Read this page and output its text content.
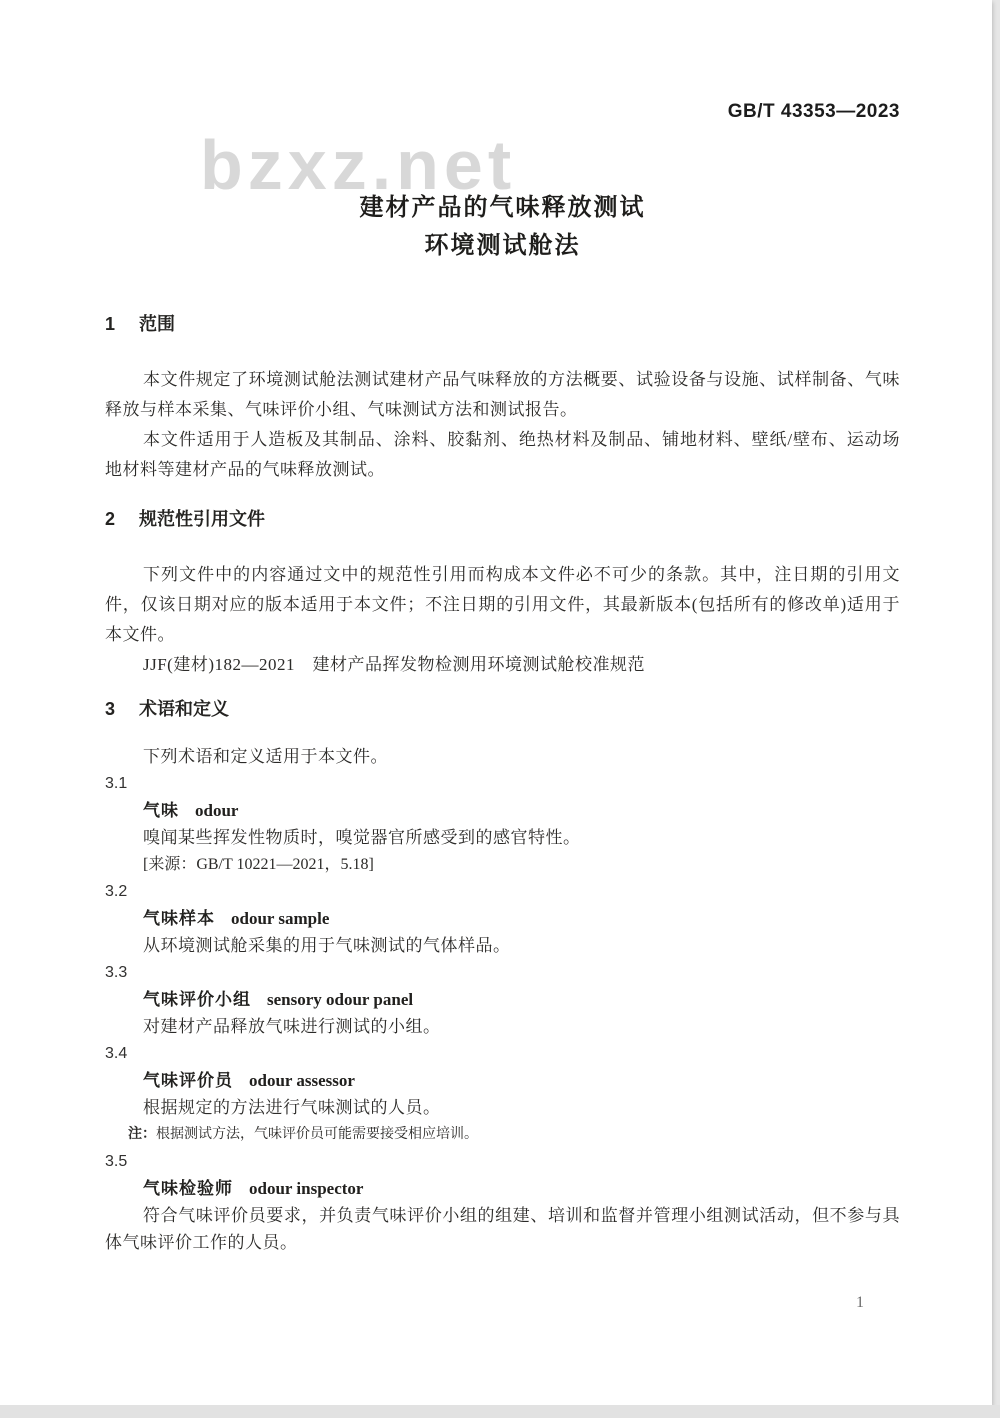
bzxz.net
GB/T 43353—2023
建材产品的气味释放测试
环境测试舱法
1 范围

本文件规定了环境测试舱法测试建材产品气味释放的方法概要、试验设备与设施、试样制备、气味释放与样本采集、气味评价小组、气味测试方法和测试报告。

本文件适用于人造板及其制品、涂料、胶黏剂、绝热材料及制品、铺地材料、壁纸/壁布、运动场地材料等建材产品的气味释放测试。

2 规范性引用文件

下列文件中的内容通过文中的规范性引用而构成本文件必不可少的条款。其中，注日期的引用文件，仅该日期对应的版本适用于本文件；不注日期的引用文件，其最新版本(包括所有的修改单)适用于本文件。

JJF(建材)182—2021　建材产品挥发物检测用环境测试舱校准规范

3 术语和定义

下列术语和定义适用于本文件。

3.1
气味 odour

嗅闻某些挥发性物质时，嗅觉器官所感受到的感官特性。

[来源：GB/T 10221—2021，5.18]
3.2
气味样本 odour sample

从环境测试舱采集的用于气味测试的气体样品。

3.3
气味评价小组 sensory odour panel

对建材产品释放气味进行测试的小组。

3.4
气味评价员 odour assessor

根据规定的方法进行气味测试的人员。

注：根据测试方法，气味评价员可能需要接受相应培训。
3.5
气味检验师 odour inspector

符合气味评价员要求，并负责气味评价小组的组建、培训和监督并管理小组测试活动，但不参与具体气味评价工作的人员。

1
